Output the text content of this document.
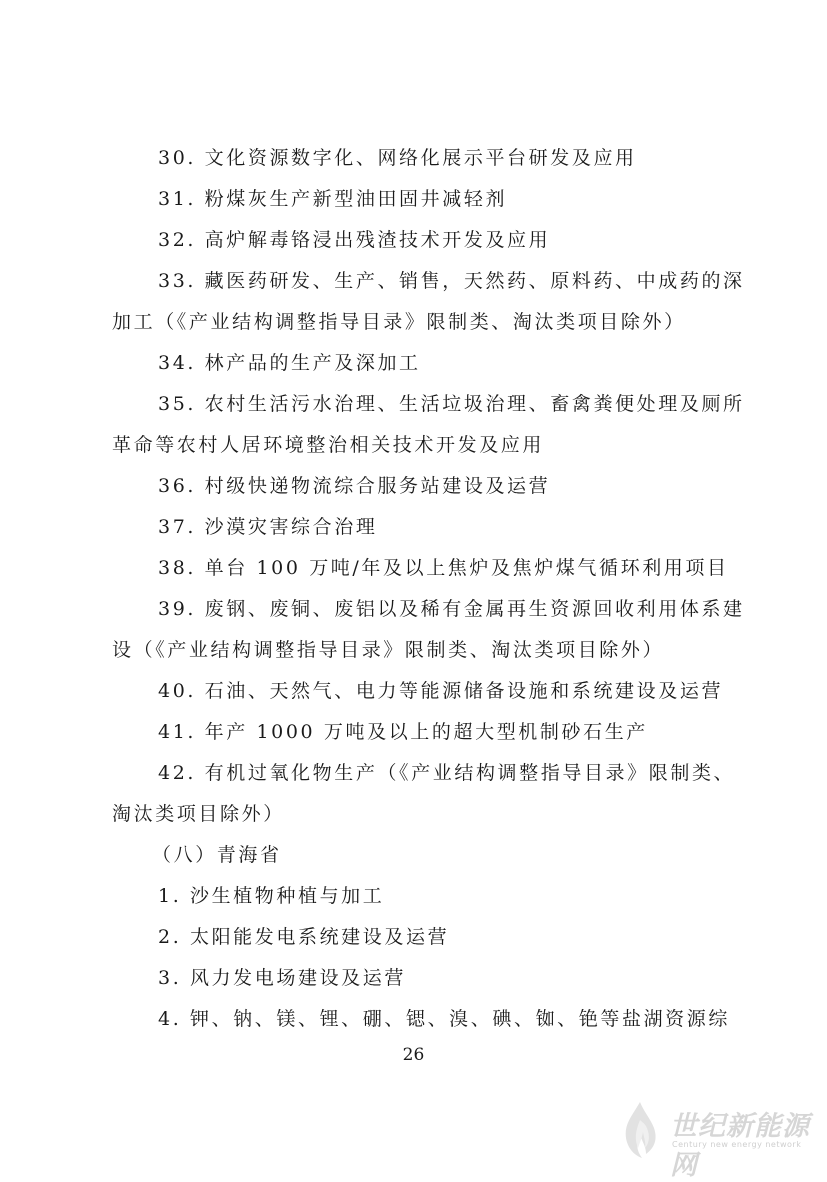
30. 文化资源数字化、网络化展示平台研发及应用
31. 粉煤灰生产新型油田固井减轻剂
32. 高炉解毒铬浸出残渣技术开发及应用
33. 藏医药研发、生产、销售，天然药、原料药、中成药的深
加工（《产业结构调整指导目录》限制类、淘汰类项目除外）
34. 林产品的生产及深加工
35. 农村生活污水治理、生活垃圾治理、畜禽粪便处理及厕所
革命等农村人居环境整治相关技术开发及应用
36. 村级快递物流综合服务站建设及运营
37. 沙漠灾害综合治理
38. 单台 100 万吨/年及以上焦炉及焦炉煤气循环利用项目
39. 废钢、废铜、废铝以及稀有金属再生资源回收利用体系建
设（《产业结构调整指导目录》限制类、淘汰类项目除外）
40. 石油、天然气、电力等能源储备设施和系统建设及运营
41. 年产 1000 万吨及以上的超大型机制砂石生产
42. 有机过氧化物生产（《产业结构调整指导目录》限制类、
淘汰类项目除外）
（八）青海省
1. 沙生植物种植与加工
2. 太阳能发电系统建设及运营
3. 风力发电场建设及运营
4. 钾、钠、镁、锂、硼、锶、溴、碘、铷、铯等盐湖资源综
26
世纪新能源网
Century new energy network
